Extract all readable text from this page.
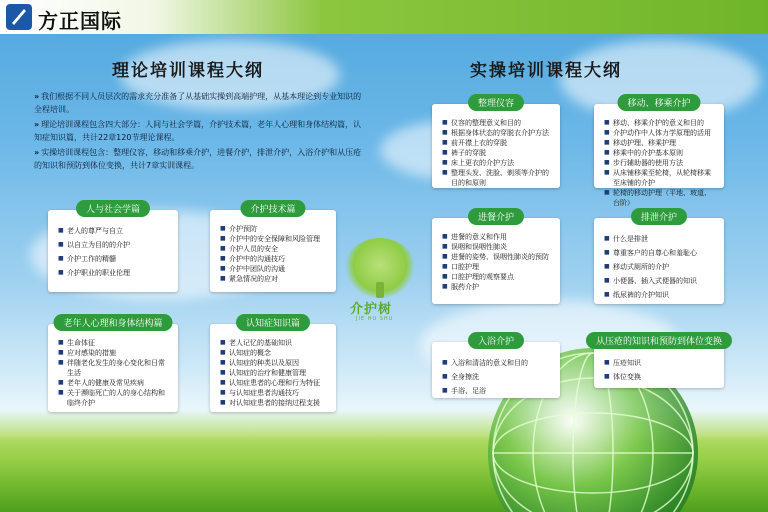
方正国际
理论培训课程大纲	实操培训课程大纲

» 我们根据不同人员层次的需求充分准备了从基础实操到高端护理，从基本理论到专业知识的全程培训。

» 理论培训课程包含四大部分：人间与社会学篇，介护技术篇，老年人心理和身体结构篇，认知症知识篇，共计22章120节理论课程。

» 实操培训课程包含：整理仪容，移动和移乘介护，进餐介护，排泄介护，入浴介护和从压疮的知识和预防到体位变换，共计7章实训课程。

人与社会学篇
■ 老人的尊严与自立
■ 以自立为目的的介护
■ 介护工作的精髓
■ 介护职业的职业伦理
介护技术篇
■ 介护预防
■ 介护中的安全保障和风险管理
■ 介护人员的安全
■ 介护中的沟通技巧
■ 介护中团队的沟通
■ 紧急情况的应对
老年人心理和身体结构篇
■ 生命体征
■ 应对感染的措施
■ 伴随老化发生的身心变化和日常生活
■ 老年人的健康及常见疾病
■ 关于濒临死亡的人的身心结构和临终介护
认知症知识篇
■ 老人记忆的基础知识
■ 认知症的概念
■ 认知症的种类以及原因
■ 认知症的治疗和健康管理
■ 认知症患者的心理和行为特征
■ 与认知症患者沟通技巧
■ 对认知症患者的接纳过程支援
介护树
JIE HU SHU
整理仪容
■ 仪容的整理意义和目的
■ 根据身体状态的穿脱衣介护方法
■ 前开襟上衣的穿脱
■ 裤子的穿脱
■ 床上更衣的介护方法
■ 整理头发、洗脸、剃须等介护的目的和原则
移动、移乘介护
■ 移动、移乘介护的意义和目的
■ 介护动作中人体力学原理的活用
■ 移动护理、移乘护理
■ 移乘中的介护基本原则
■ 步行辅助器的使用方法
■ 从床铺移乘至轮椅，从轮椅移乘至床铺的介护
■ 轮椅的移动护理（平地、坡道、台阶）
进餐介护
■ 进餐的意义和作用
■ 误咽和误咽性肺炎
■ 进餐的姿势、误咽性肺炎的预防
■ 口腔护理
■ 口腔护理的观察要点
■ 服药介护
排泄介护
■ 什么是排泄
■ 尊重客户的自尊心和羞耻心
■ 移动式厕所的介护
■ 小便器、插入式便器的知识
■ 纸尿裤的介护知识
入浴介护
■ 入浴和清洁的意义和目的
■ 全身擦洗
■ 手浴、足浴
从压疮的知识和预防到体位变换
■ 压疮知识
■ 体位变换
